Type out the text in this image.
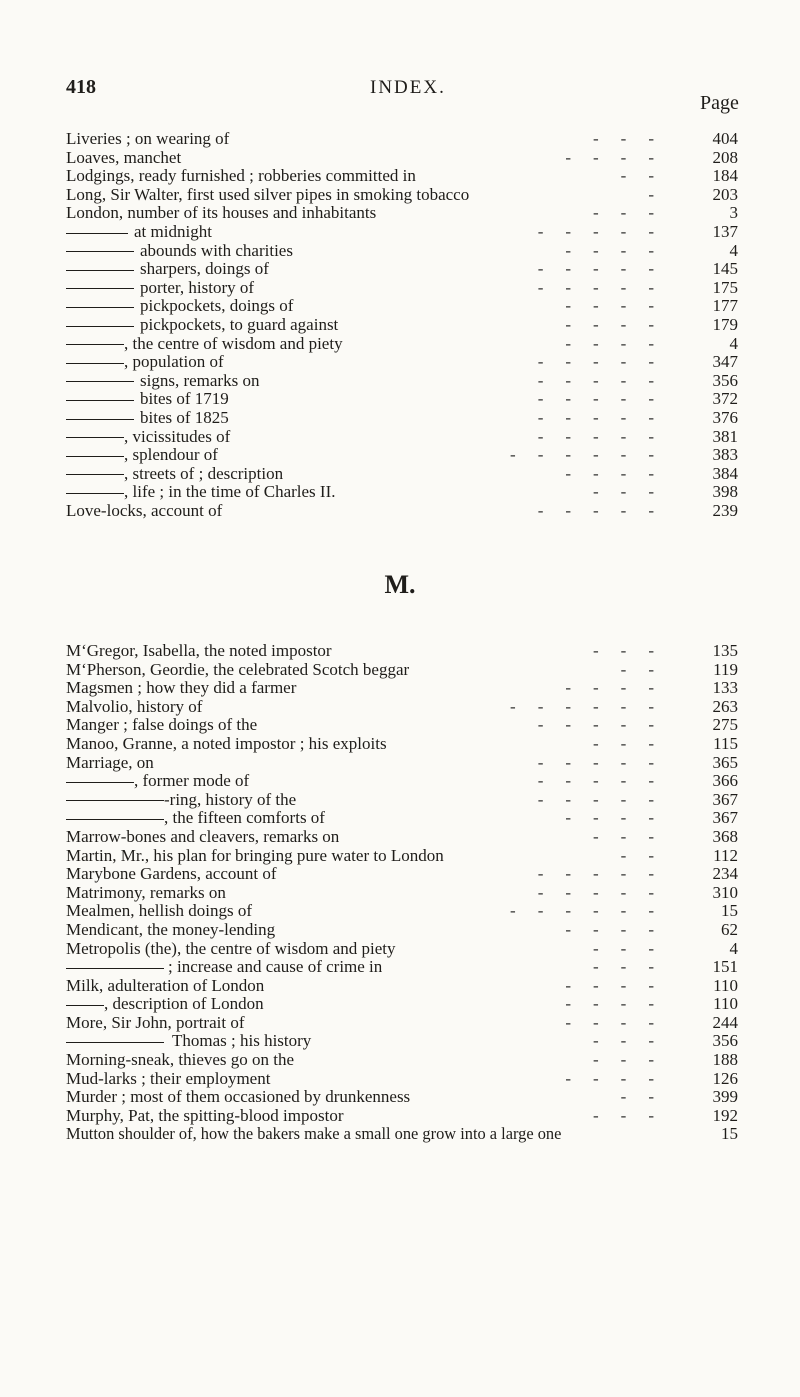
418	INDEX.
Page
Liveries ; on wearing of	---	404
Loaves, manchet	----	208
Lodgings, ready furnished ; robberies committed in	--	184
Long, Sir Walter, first used silver pipes in smoking tobacco	-	203
London, number of its houses and inhabitants	---	3
at midnight	-----	137
abounds with charities	----	4
sharpers, doings of	-----	145
porter, history of	-----	175
pickpockets, doings of	----	177
pickpockets, to guard against	----	179
, the centre of wisdom and piety	----	4
, population of	-----	347
signs, remarks on	-----	356
bites of 1719	-----	372
bites of 1825	-----	376
, vicissitudes of	-----	381
, splendour of	------	383
, streets of ; description	----	384
, life ; in the time of Charles II.	---	398
Love-locks, account of	-----	239
M.
M‘Gregor, Isabella, the noted impostor	---	135
M‘Pherson, Geordie, the celebrated Scotch beggar	--	119
Magsmen ; how they did a farmer	----	133
Malvolio, history of	------	263
Manger ; false doings of the	-----	275
Manoo, Granne, a noted impostor ; his exploits	---	115
Marriage, on	-----	365
, former mode of	-----	366
-ring, history of the	-----	367
, the fifteen comforts of	----	367
Marrow-bones and cleavers, remarks on	---	368
Martin, Mr., his plan for bringing pure water to London	--	112
Marybone Gardens, account of	-----	234
Matrimony, remarks on	-----	310
Mealmen, hellish doings of	------	15
Mendicant, the money-lending	----	62
Metropolis (the), the centre of wisdom and piety	---	4
; increase and cause of crime in	---	151
Milk, adulteration of London	----	110
, description of London	----	110
More, Sir John, portrait of	----	244
Thomas ; his history	---	356
Morning-sneak, thieves go on the	---	188
Mud-larks ; their employment	----	126
Murder ; most of them occasioned by drunkenness	--	399
Murphy, Pat, the spitting-blood impostor	---	192
Mutton shoulder of, how the bakers make a small one grow into a large one	15
